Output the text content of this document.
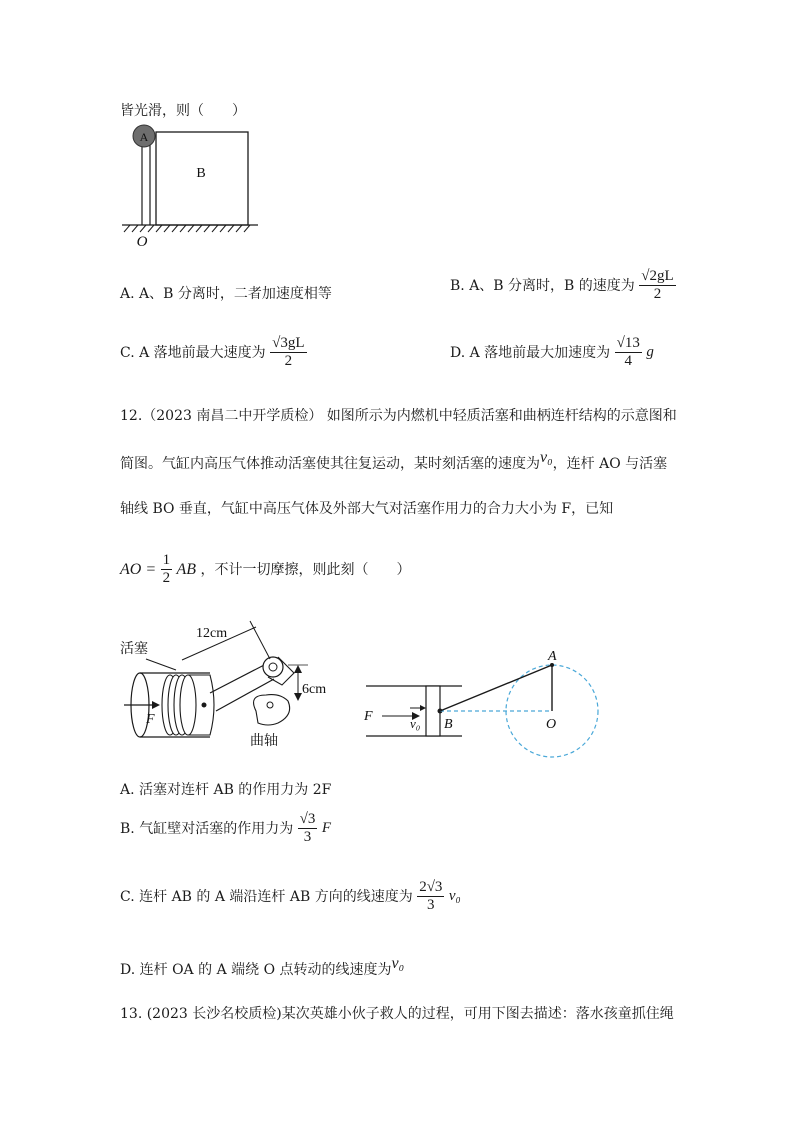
皆光滑，则（　　）
A
B
O
A. A、B 分离时，二者加速度相等
B. A、B 分离时，B 的速度为 $\frac{√2gL}{2}$
C. A 落地前最大速度为 $\frac{√3gL}{2}$	D. A 落地前最大加速度为 $\frac{√13}{4}$ g
12.（2023 南昌二中开学质检） 如图所示为内燃机中轻质活塞和曲柄连杆结构的示意图和
简图。气缸内高压气体推动活塞使其往复运动，某时刻活塞的速度为v₀，连杆 AO 与活塞
轴线 BO 垂直，气缸中高压气体及外部大气对活塞作用力的合力大小为 F，已知
AO = $\frac{1}{2}$ AB ，不计一切摩擦，则此刻（　　）
活塞
F
曲轴
12cm
6cm
F	v₀ B
A
O
A. 活塞对连杆 AB 的作用力为 2F
B. 气缸壁对活塞的作用力为 $\frac{√3}{3}$ F
C. 连杆 AB 的 A 端沿连杆 AB 方向的线速度为 $\frac{2√3}{3} v_0$
D. 连杆 OA 的 A 端绕 O 点转动的线速度为v₀
13. (2023 长沙名校质检)某次英雄小伙子救人的过程，可用下图去描述：落水孩童抓住绳
